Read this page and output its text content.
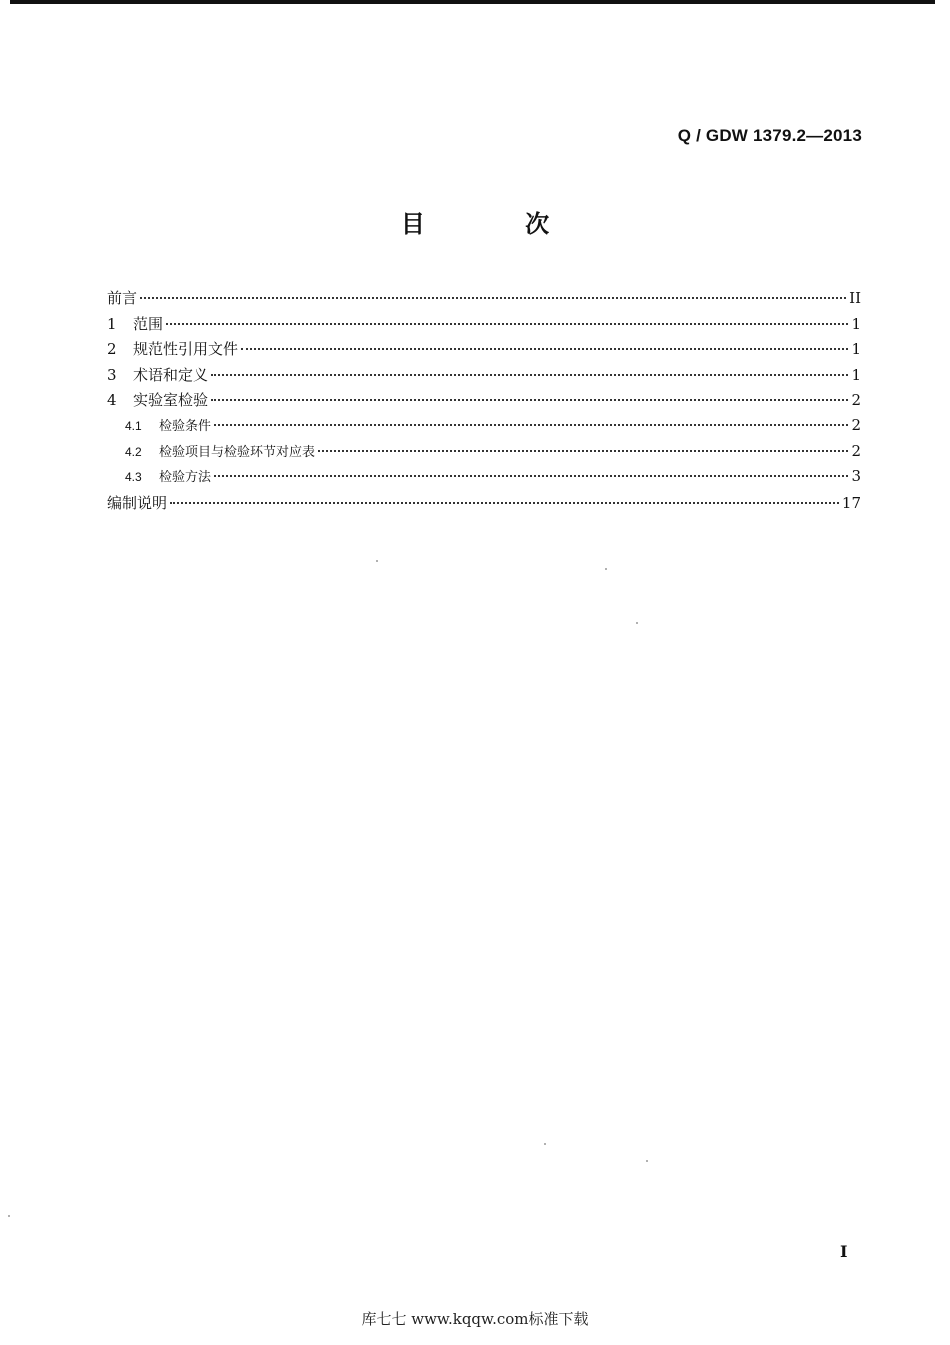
Q / GDW 1379.2—2013
目 次
前言	II
1	范围	1
2	规范性引用文件	1
3	术语和定义	1
4	实验室检验	2
4.1	检验条件	2
4.2	检验项目与检验环节对应表	2
4.3	检验方法	3
编制说明	17
I
库七七 www.kqqw.com标准下载
